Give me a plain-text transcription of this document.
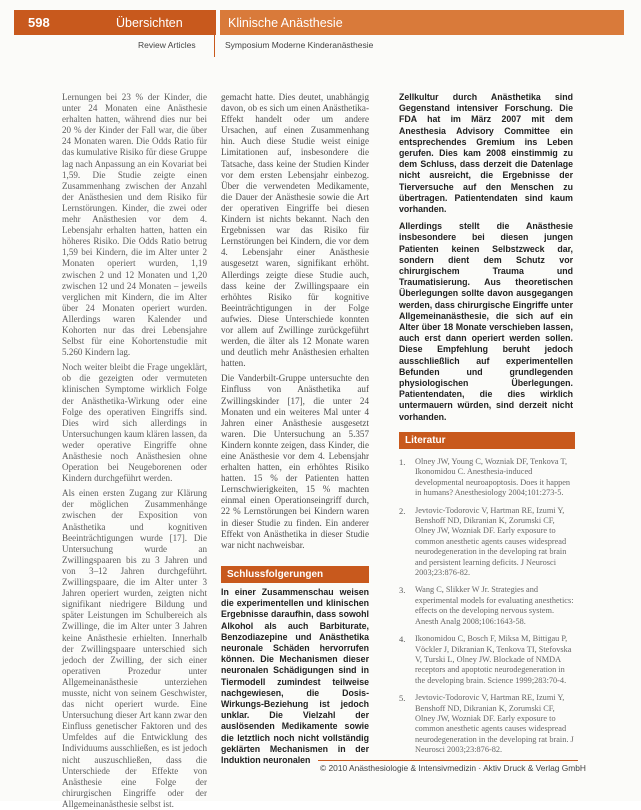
598	Übersichten	Klinische Anästhesie
Review Articles	Symposium Moderne Kinderanästhesie

Lernungen bei 23 % der Kinder, die unter 24 Monaten eine Anästhesie erhalten hatten, während dies nur bei 20 % der Kinder der Fall war, die über 24 Monaten waren. Die Odds Ratio für das kumulative Risiko für diese Gruppe lag nach Anpassung an ein Kovariat bei 1,59. Die Studie zeigte einen Zusammenhang zwischen der Anzahl der Anästhesien und dem Risiko für Lernstörungen. Kinder, die zwei oder mehr Anästhesien vor dem 4. Lebensjahr erhalten hatten, hatten ein höheres Risiko. Die Odds Ratio betrug 1,59 bei Kindern, die im Alter unter 2 Monaten operiert wurden, 1,19 zwischen 2 und 12 Monaten und 1,20 zwischen 12 und 24 Monaten – jeweils verglichen mit Kindern, die im Alter über 24 Monaten operiert wurden. Allerdings waren Kalender und Kohorten nur das drei Lebensjahre Selbst für eine Kohortenstudie mit 5.260 Kindern lag.

Noch weiter bleibt die Frage ungeklärt, ob die gezeigten oder vermuteten klinischen Symptome wirklich Folge der Anästhetika-Wirkung oder eine Folge des operativen Eingriffs sind. Dies wird sich allerdings in Untersuchungen kaum klären lassen, da weder operative Eingriffe ohne Anästhesie noch Anästhesien ohne Operation bei Neugeborenen oder Kindern durchgeführt werden.

Als einen ersten Zugang zur Klärung der möglichen Zusammenhänge zwischen der Exposition von Anästhetika und kognitiven Beeinträchtigungen wurde [17]. Die Untersuchung wurde an Zwillingspaaren bis zu 3 Jahren und von 3–12 Jahren durchgeführt. Zwillingspaare, die im Alter unter 3 Jahren operiert wurden, zeigten nicht signifikant niedrigere Bildung und später Leistungen im Schulbereich als Zwillinge, die im Alter unter 3 Jahren keine Anästhesie erhielten. Innerhalb der Zwillingspaare unterschied sich jedoch der Zwilling, der sich einer operativen Prozedur unter Allgemeinanästhesie unterziehen musste, nicht von seinem Geschwister, das nicht operiert wurde. Eine Untersuchung dieser Art kann zwar den Einfluss genetischer Faktoren und des Umfeldes auf die Entwicklung des Individuums ausschließen, es ist jedoch nicht auszuschließen, dass die Unterschiede der Effekte von Anästhesie eine Folge der chirurgischen Eingriffe oder der Allgemeinanästhesie selbst ist.

gemacht hatte. Dies deutet, unabhängig davon, ob es sich um einen Anästhetika-Effekt handelt oder um andere Ursachen, auf einen Zusammenhang hin. Auch diese Studie weist einige Limitationen auf, insbesondere die Tatsache, dass keine der Studien Kinder vor dem ersten Lebensjahr einbezog. Über die verwendeten Medikamente, die Dauer der Anästhesie sowie die Art der operativen Eingriffe bei diesen Kindern ist nichts bekannt. Nach den Ergebnissen war das Risiko für Lernstörungen bei Kindern, die vor dem 4. Lebensjahr einer Anästhesie ausgesetzt waren, signifikant erhöht. Allerdings zeigte diese Studie auch, dass keine der Zwillingspaare ein erhöhtes Risiko für kognitive Beeinträchtigungen in der Folge aufwies. Diese Unterschiede konnten vor allem auf Zwillinge zurückgeführt werden, die älter als 12 Monate waren und deutlich mehr Anästhesien erhalten hatten.

Die Vanderbilt-Gruppe untersuchte den Einfluss von Anästhetika auf Zwillingskinder [17], die unter 24 Monaten und ein weiteres Mal unter 4 Jahren einer Anästhesie ausgesetzt waren. Die Untersuchung an 5.357 Kindern konnte zeigen, dass Kinder, die eine Anästhesie vor dem 4. Lebensjahr erhalten hatten, ein erhöhtes Risiko hatten. 15 % der Patienten hatten Lernschwierigkeiten, 15 % machten einmal einen Operationseingriff durch, 22 % Lernstörungen bei Kindern waren in dieser Studie zu finden. Ein anderer Effekt von Anästhetika in dieser Studie war nicht nachweisbar.

Schlussfolgerungen

In einer Zusammenschau weisen die experimentellen und klinischen Ergebnisse daraufhin, dass sowohl Alkohol als auch Barbiturate, Benzodiazepine und Anästhetika neuronale Schäden hervorrufen können. Die Mechanismen dieser neuronalen Schädigungen sind in Tiermodell zumindest teilweise nachgewiesen, die Dosis-Wirkungs-Beziehung ist jedoch unklar. Die Vielzahl der auslösenden Medikamente sowie die letztlich noch nicht vollständig geklärten Mechanismen in der Induktion neuronalen

Zellkultur durch Anästhetika sind Gegenstand intensiver Forschung. Die FDA hat im März 2007 mit dem Anesthesia Advisory Committee ein entsprechendes Gremium ins Leben gerufen. Dies kam 2008 einstimmig zu dem Schluss, dass derzeit die Datenlage nicht ausreicht, die Ergebnisse der Tierversuche auf den Menschen zu übertragen. Patientendaten sind kaum vorhanden.

Allerdings stellt die Anästhesie insbesondere bei diesen jungen Patienten keinen Selbstzweck dar, sondern dient dem Schutz vor chirurgischem Trauma und Traumatisierung. Aus theoretischen Überlegungen sollte davon ausgegangen werden, dass chirurgische Eingriffe unter Allgemeinanästhesie, die sich auf ein Alter über 18 Monate verschieben lassen, auch erst dann operiert werden sollen. Diese Empfehlung beruht jedoch ausschließlich auf experimentellen Befunden und grundlegenden physiologischen Überlegungen. Patientendaten, die dies wirklich untermauern würden, sind derzeit nicht vorhanden.

Literatur
1.	Olney JW, Young C, Wozniak DF, Tenkova T, Ikonomidou C. Anesthesia-induced developmental neuroapoptosis. Does it happen in humans? Anesthesiology 2004;101:273-5.
2.	Jevtovic-Todorovic V, Hartman RE, Izumi Y, Benshoff ND, Dikranian K, Zorumski CF, Olney JW, Wozniak DF. Early exposure to common anesthetic agents causes widespread neurodegeneration in the developing rat brain and persistent learning deficits. J Neurosci 2003;23:876-82.
3.	Wang C, Slikker W Jr. Strategies and experimental models for evaluating anesthetics: effects on the developing nervous system. Anesth Analg 2008;106:1643-58.
4.	Ikonomidou C, Bosch F, Miksa M, Bittigau P, Vöckler J, Dikranian K, Tenkova TI, Stefovska V, Turski L, Olney JW. Blockade of NMDA receptors and apoptotic neurodegeneration in the developing brain. Science 1999;283:70-4.
5.	Jevtovic-Todorovic V, Hartman RE, Izumi Y, Benshoff ND, Dikranian K, Zorumski CF, Olney JW, Wozniak DF. Early exposure to common anesthetic agents causes widespread neurodegeneration in the developing rat brain. J Neurosci 2003;23:876-82.
© 2010 Anästhesiologie & Intensivmedizin · Aktiv Druck & Verlag GmbH
